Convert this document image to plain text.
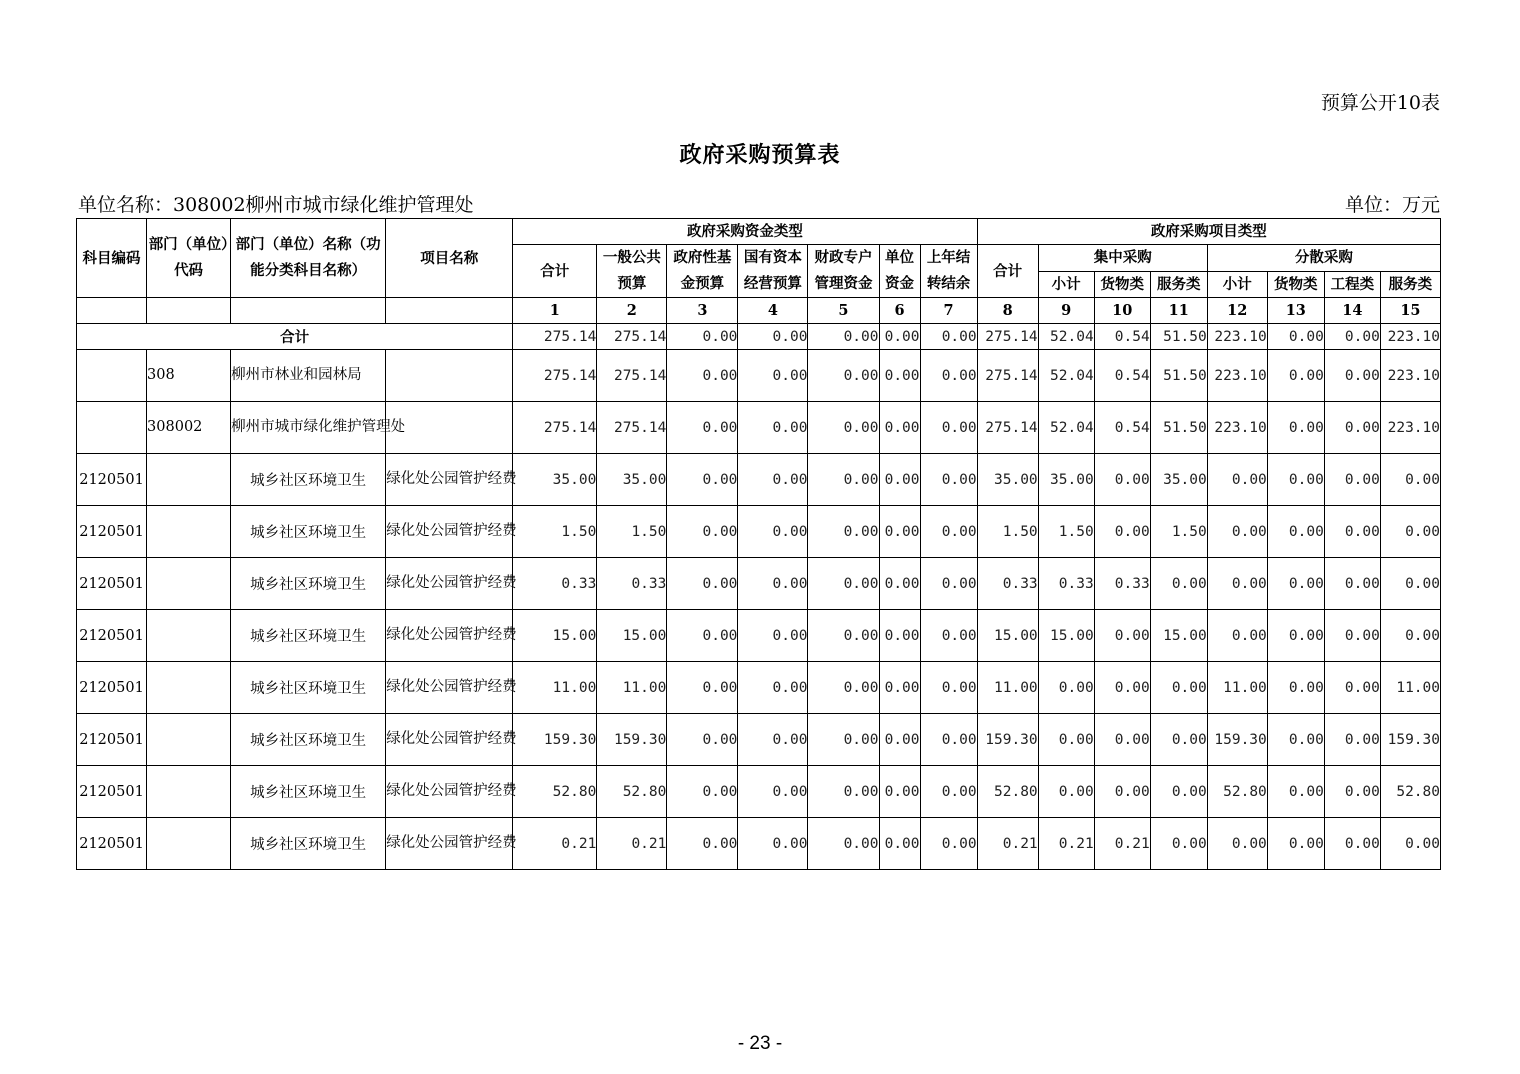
预算公开10表
政府采购预算表
单位名称：308002柳州市城市绿化维护管理处	单位：万元
科目编码	部门（单位）代码	部门（单位）名称（功能分类科目名称）	项目名称	政府采购资金类型							政府采购项目类型							
				合计	一般公共预算	政府性基金预算	国有资本经营预算	财政专户管理资金	单位资金	上年结转结余	合计	集中采购			分散采购			
												小计	货物类	服务类	小计	货物类	工程类	服务类
				1	2	3	4	5	6	7	8	9	10	11	12	13	14	15
合计				275.14	275.14	0.00	0.00	0.00	0.00	0.00	275.14	52.04	0.54	51.50	223.10	0.00	0.00	223.10
	308	柳州市林业和园林局		275.14	275.14	0.00	0.00	0.00	0.00	0.00	275.14	52.04	0.54	51.50	223.10	0.00	0.00	223.10
	308002	柳州市城市绿化维护管理处		275.14	275.14	0.00	0.00	0.00	0.00	0.00	275.14	52.04	0.54	51.50	223.10	0.00	0.00	223.10
2120501		城乡社区环境卫生	绿化处公园管护经费	35.00	35.00	0.00	0.00	0.00	0.00	0.00	35.00	35.00	0.00	35.00	0.00	0.00	0.00	0.00
2120501		城乡社区环境卫生	绿化处公园管护经费	1.50	1.50	0.00	0.00	0.00	0.00	0.00	1.50	1.50	0.00	1.50	0.00	0.00	0.00	0.00
2120501		城乡社区环境卫生	绿化处公园管护经费	0.33	0.33	0.00	0.00	0.00	0.00	0.00	0.33	0.33	0.33	0.00	0.00	0.00	0.00	0.00
2120501		城乡社区环境卫生	绿化处公园管护经费	15.00	15.00	0.00	0.00	0.00	0.00	0.00	15.00	15.00	0.00	15.00	0.00	0.00	0.00	0.00
2120501		城乡社区环境卫生	绿化处公园管护经费	11.00	11.00	0.00	0.00	0.00	0.00	0.00	11.00	0.00	0.00	0.00	11.00	0.00	0.00	11.00
2120501		城乡社区环境卫生	绿化处公园管护经费	159.30	159.30	0.00	0.00	0.00	0.00	0.00	159.30	0.00	0.00	0.00	159.30	0.00	0.00	159.30
2120501		城乡社区环境卫生	绿化处公园管护经费	52.80	52.80	0.00	0.00	0.00	0.00	0.00	52.80	0.00	0.00	0.00	52.80	0.00	0.00	52.80
2120501		城乡社区环境卫生	绿化处公园管护经费	0.21	0.21	0.00	0.00	0.00	0.00	0.00	0.21	0.21	0.21	0.00	0.00	0.00	0.00	0.00
- 23 -
